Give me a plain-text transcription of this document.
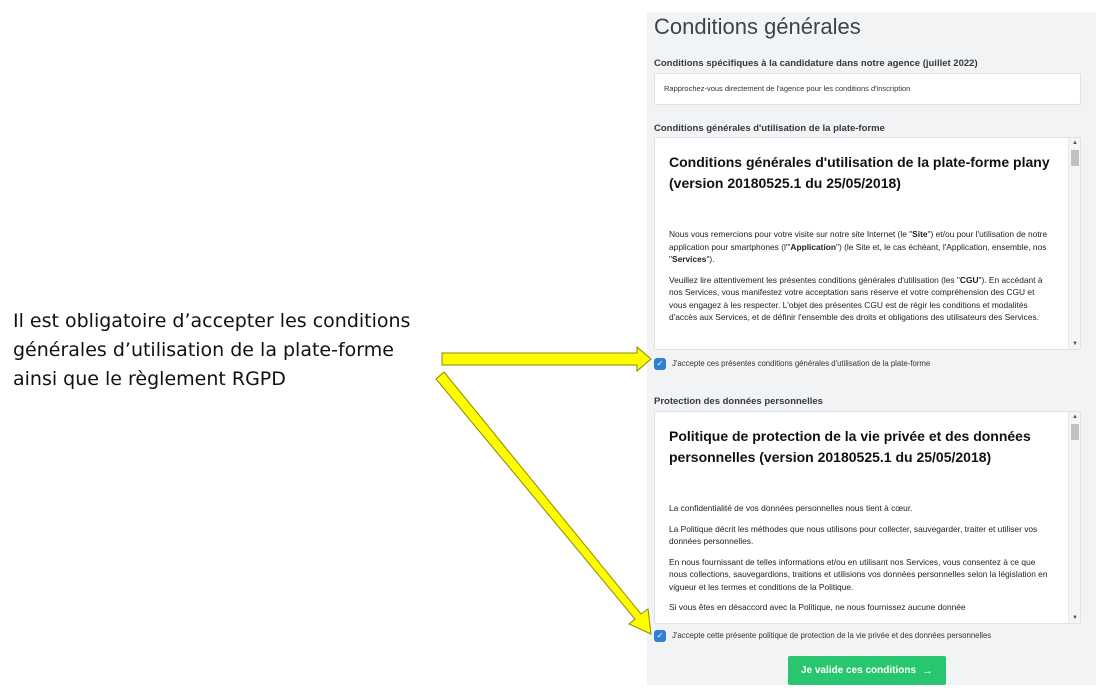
Il est obligatoire d’accepter les conditions
générales d’utilisation de la plate-forme
ainsi que le règlement RGPD
Conditions générales
Conditions spécifiques à la candidature dans notre agence (juillet 2022)
Rapprochez-vous directement de l'agence pour les conditions d'inscription
Conditions générales d'utilisation de la plate-forme
Conditions générales d'utilisation de la plate-forme plany (version 20180525.1 du 25/05/2018)

Nous vous remercions pour votre visite sur notre site Internet (le "Site") et/ou pour l'utilisation de notre application pour smartphones (l'"Application") (le Site et, le cas échéant, l'Application, ensemble, nos "Services").

Veuillez lire attentivement les présentes conditions générales d'utilisation (les "CGU"). En accédant à nos Services, vous manifestez votre acceptation sans réserve et votre compréhension des CGU et vous engagez à les respecter. L'objet des présentes CGU est de régir les conditions et modalités d'accès aux Services, et de définir l'ensemble des droits et obligations des utilisateurs des Services.

▲
▼
✓	J'accepte ces présentes conditions générales d'utilisation de la plate-forme
Protection des données personnelles
Politique de protection de la vie privée et des données personnelles (version 20180525.1 du 25/05/2018)

La confidentialité de vos données personnelles nous tient à cœur.

La Politique décrit les méthodes que nous utilisons pour collecter, sauvegarder, traiter et utiliser vos données personnelles.

En nous fournissant de telles informations et/ou en utilisant nos Services, vous consentez à ce que nous collections, sauvegardions, traitions et utilisions vos données personnelles selon la législation en vigueur et les termes et conditions de la Politique.

Si vous êtes en désaccord avec la Politique, ne nous fournissez aucune donnée

▲
▼
✓	J'accepte cette présente politique de protection de la vie privée et des données personnelles
Je valide ces conditions →
